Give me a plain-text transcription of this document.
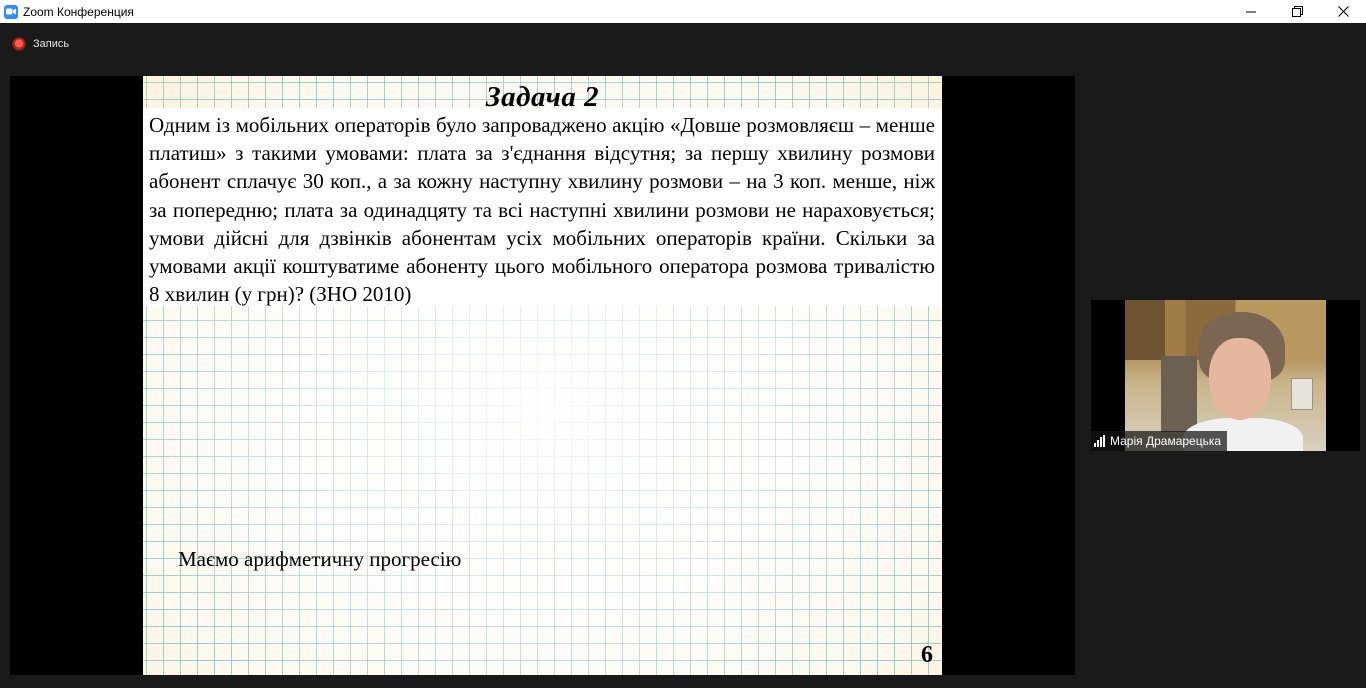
Zoom Конференция
Запись
Задача 2
Одним із мобільних операторів було запроваджено акцію «Довше розмовляєш – менше платиш» з такими умовами: плата за з'єднання відсутня; за першу хвилину розмови абонент сплачує 30 коп., а за кожну наступну хвилину розмови – на 3 коп. менше, ніж за попередню; плата за одинадцяту та всі наступні хвилини розмови не нараховується; умови дійсні для дзвінків абонентам усіх мобільних операторів країни. Скільки за умовами акції коштуватиме абоненту цього мобільного оператора розмова тривалістю 8 хвилин (у грн)? (ЗНО 2010)
Маємо арифметичну прогресію
6
Марія Драмарецька
